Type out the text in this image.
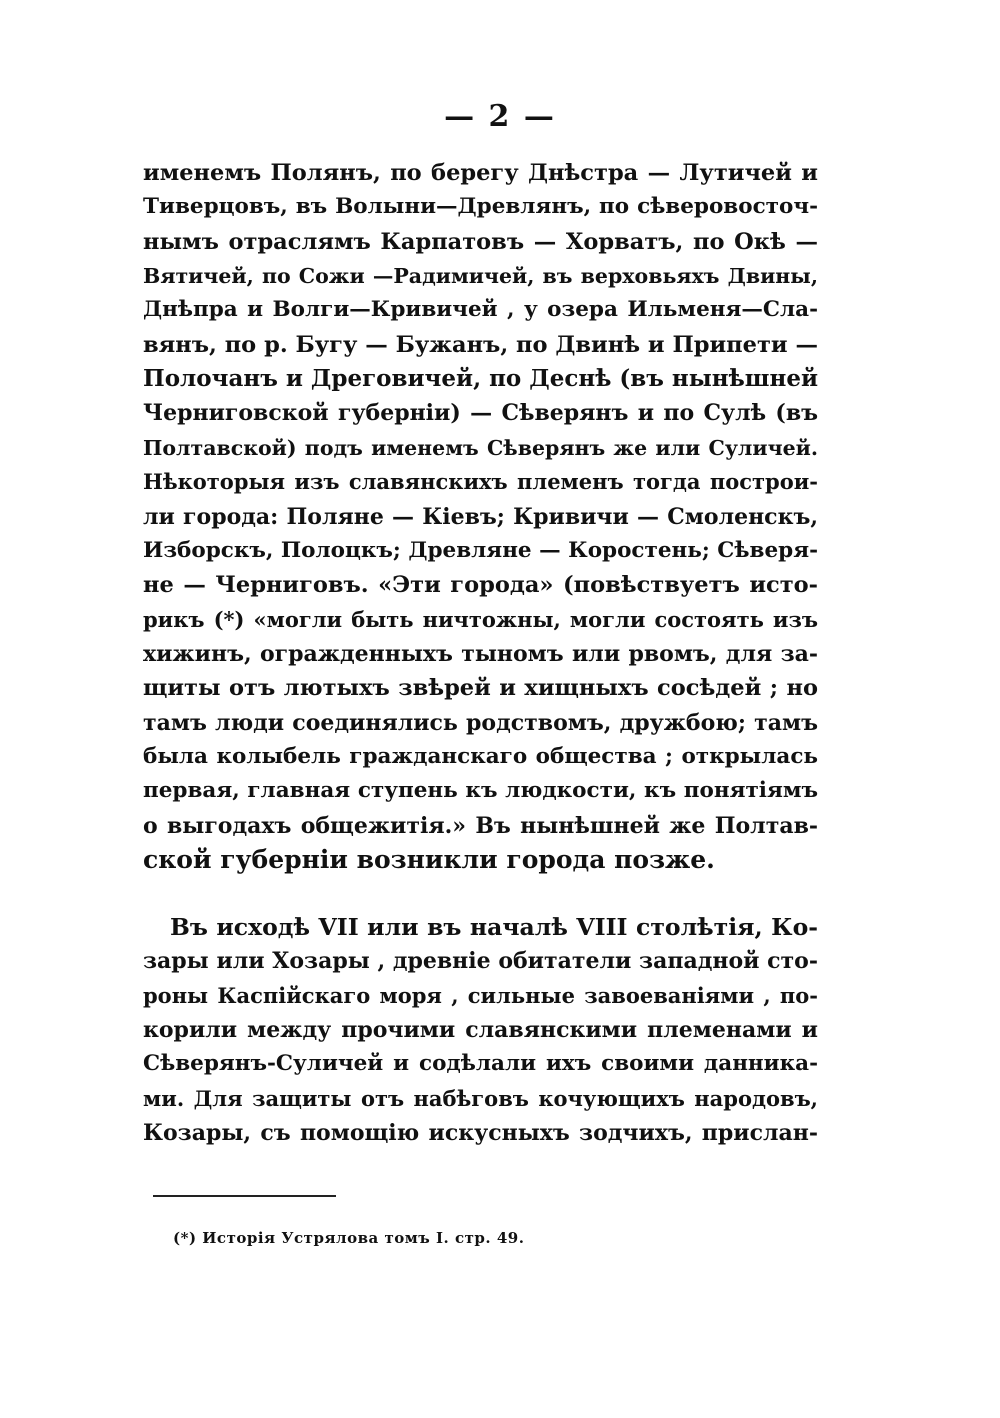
— 2 —
именемъ Полянъ, по берегу Днѣстра — Лутичей и
Тиверцовъ, въ Волыни—Древлянъ, по сѣверовосточ-
нымъ отраслямъ Карпатовъ — Хорватъ, по Окѣ —
Вятичей, по Сожи —Радимичей, въ верховьяхъ Двины,
Днѣпра и Волги—Кривичей , у озера Ильменя—Сла-
вянъ, по р. Бугу — Бужанъ, по Двинѣ и Припети —
Полочанъ и Дреговичей, по Деснѣ (въ нынѣшней
Черниговской губерніи) — Сѣверянъ и по Сулѣ (въ
Полтавской) подъ именемъ Сѣверянъ же или Суличей.
Нѣкоторыя изъ славянскихъ племенъ тогда построи-
ли города: Поляне — Кіевъ; Кривичи — Смоленскъ,
Изборскъ, Полоцкъ; Древляне — Коростень; Сѣверя-
не — Черниговъ. «Эти города» (повѣствуетъ исто-
рикъ (*) «могли быть ничтожны, могли состоять изъ
хижинъ, огражденныхъ тыномъ или рвомъ, для за-
щиты отъ лютыхъ звѣрей и хищныхъ сосѣдей ; но
тамъ люди соединялись родствомъ, дружбою; тамъ
была колыбель гражданскаго общества ; открылась
первая, главная ступень къ людкости, къ понятіямъ
о выгодахъ общежитія.» Въ нынѣшней же Полтав-
ской губерніи возникли города позже.
Въ исходѣ VII или въ началѣ VIII столѣтія, Ко-
зары или Хозары , древніе обитатели западной сто-
роны Каспійскаго моря , сильные завоеваніями , по-
корили между прочими славянскими племенами и
Сѣверянъ-Суличей и содѣлали ихъ своими данника-
ми. Для защиты отъ набѣговъ кочующихъ народовъ,
Козары, съ помощію искусныхъ зодчихъ, прислан-
(*) Исторія Устрялова томъ I. стр. 49.
